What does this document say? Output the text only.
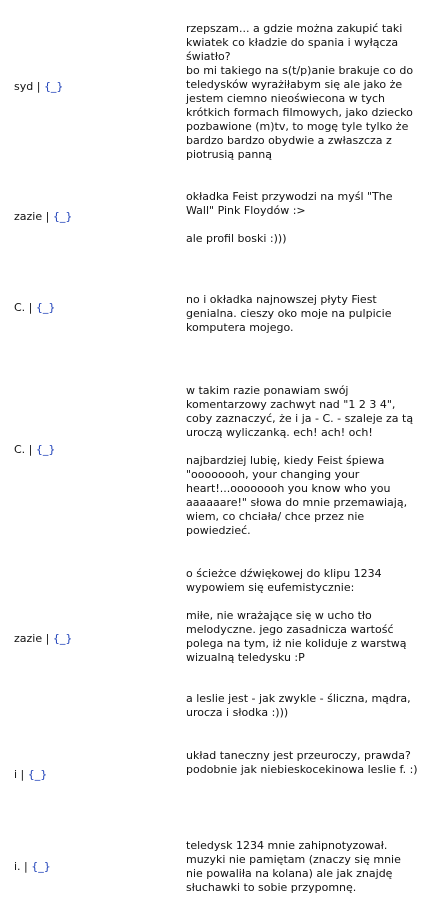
syd | {_}

rzepszam... a gdzie można zakupić taki kwiatek co kładzie do spania i wyłącza światło?

bo mi takiego na s(t/p)anie brakuje co do teledysków wyrażiłabym się ale jako że jestem ciemno nieoświecona w tych krótkich formach filmowych, jako dziecko pozbawione (m)tv, to mogę tyle tylko że bardzo bardzo obydwie a zwłaszcza z piotrusią panną

zazie | {_}

okładka Feist przywodzi na myśl "The Wall" Pink Floydów :>

ale profil boski :)))

C. | {_}

no i okładka najnowszej płyty Fiest genialna. cieszy oko moje na pulpicie komputera mojego.

C. | {_}

w takim razie ponawiam swój komentarzowy zachwyt nad "1 2 3 4", coby zaznaczyć, że i ja - C. - szaleje za tą uroczą wyliczanką. ech! ach! och!

najbardziej lubię, kiedy Feist śpiewa "oooooooh, your changing your heart!...oooooooh you know who you aaaaaare!" słowa do mnie przemawiają, wiem, co chciała/ chce przez nie powiedzieć.

zazie | {_}

o ścieżce dźwiękowej do klipu 1234 wypowiem się eufemistycznie:

miłe, nie wrażające się w ucho tło melodyczne. jego zasadnicza wartość polega na tym, iż nie koliduje z warstwą wizualną teledysku :P

a leslie jest - jak zwykle - śliczna, mądra, urocza i słodka :)))

i | {_}

układ taneczny jest przeuroczy, prawda?

podobnie jak niebieskocekinowa leslie f. :)

i. | {_}

teledysk 1234 mnie zahipnotyzował. muzyki nie pamiętam (znaczy się mnie nie powaliła na kolana) ale jak znajdę słuchawki to sobie przypomnę.
